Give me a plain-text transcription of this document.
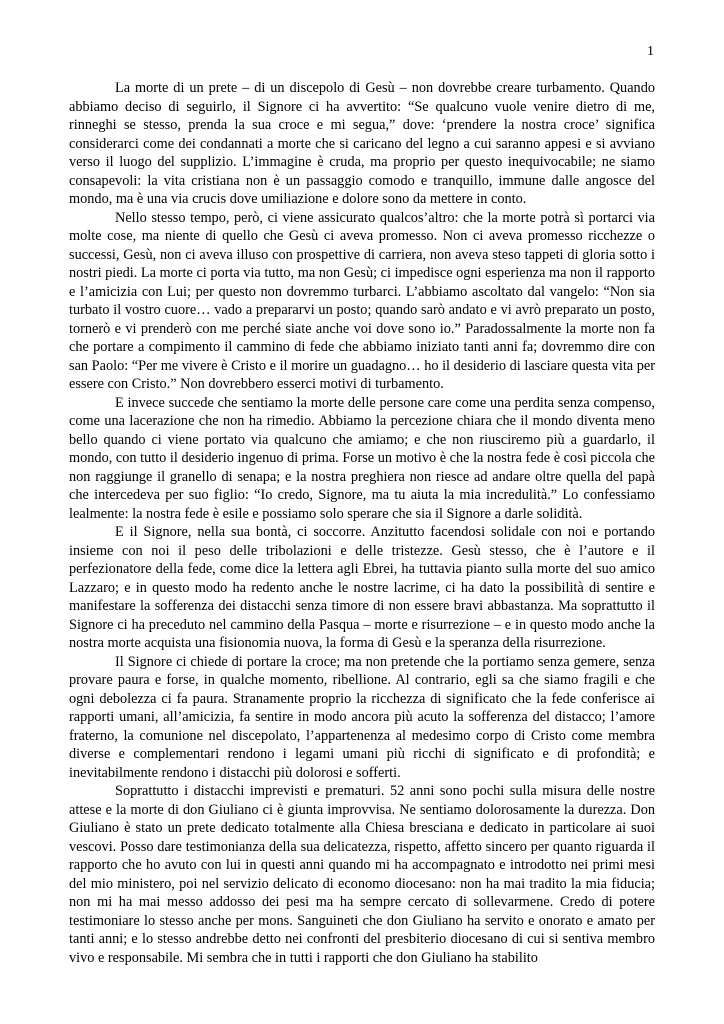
1

La morte di un prete – di un discepolo di Gesù – non dovrebbe creare turbamento. Quando abbiamo deciso di seguirlo, il Signore ci ha avvertito: “Se qualcuno vuole venire dietro di me, rinneghi se stesso, prenda la sua croce e mi segua,” dove: ‘prendere la nostra croce’ significa considerarci come dei condannati a morte che si caricano del legno a cui saranno appesi e si avviano verso il luogo del supplizio. L’immagine è cruda, ma proprio per questo inequivocabile; ne siamo consapevoli: la vita cristiana non è un passaggio comodo e tranquillo, immune dalle angosce del mondo, ma è una via crucis dove umiliazione e dolore sono da mettere in conto.

Nello stesso tempo, però, ci viene assicurato qualcos’altro: che la morte potrà sì portarci via molte cose, ma niente di quello che Gesù ci aveva promesso. Non ci aveva promesso ricchezze o successi, Gesù, non ci aveva illuso con prospettive di carriera, non aveva steso tappeti di gloria sotto i nostri piedi. La morte ci porta via tutto, ma non Gesù; ci impedisce ogni esperienza ma non il rapporto e l’amicizia con Lui; per questo non dovremmo turbarci. L’abbiamo ascoltato dal vangelo: “Non sia turbato il vostro cuore… vado a prepararvi un posto; quando sarò andato e vi avrò preparato un posto, tornerò e vi prenderò con me perché siate anche voi dove sono io.” Paradossalmente la morte non fa che portare a compimento il cammino di fede che abbiamo iniziato tanti anni fa; dovremmo dire con san Paolo: “Per me vivere è Cristo e il morire un guadagno… ho il desiderio di lasciare questa vita per essere con Cristo.” Non dovrebbero esserci motivi di turbamento.

E invece succede che sentiamo la morte delle persone care come una perdita senza compenso, come una lacerazione che non ha rimedio. Abbiamo la percezione chiara che il mondo diventa meno bello quando ci viene portato via qualcuno che amiamo; e che non riusciremo più a guardarlo, il mondo, con tutto il desiderio ingenuo di prima. Forse un motivo è che la nostra fede è così piccola che non raggiunge il granello di senapa; e la nostra preghiera non riesce ad andare oltre quella del papà che intercedeva per suo figlio: “Io credo, Signore, ma tu aiuta la mia incredulità.” Lo confessiamo lealmente: la nostra fede è esile e possiamo solo sperare che sia il Signore a darle solidità.

E il Signore, nella sua bontà, ci soccorre. Anzitutto facendosi solidale con noi e portando insieme con noi il peso delle tribolazioni e delle tristezze. Gesù stesso, che è l’autore e il perfezionatore della fede, come dice la lettera agli Ebrei, ha tuttavia pianto sulla morte del suo amico Lazzaro; e in questo modo ha redento anche le nostre lacrime, ci ha dato la possibilità di sentire e manifestare la sofferenza dei distacchi senza timore di non essere bravi abbastanza. Ma soprattutto il Signore ci ha preceduto nel cammino della Pasqua – morte e risurrezione – e in questo modo anche la nostra morte acquista una fisionomia nuova, la forma di Gesù e la speranza della risurrezione.

Il Signore ci chiede di portare la croce; ma non pretende che la portiamo senza gemere, senza provare paura e forse, in qualche momento, ribellione. Al contrario, egli sa che siamo fragili e che ogni debolezza ci fa paura. Stranamente proprio la ricchezza di significato che la fede conferisce ai rapporti umani, all’amicizia, fa sentire in modo ancora più acuto la sofferenza del distacco; l’amore fraterno, la comunione nel discepolato, l’appartenenza al medesimo corpo di Cristo come membra diverse e complementari rendono i legami umani più ricchi di significato e di profondità; e inevitabilmente rendono i distacchi più dolorosi e sofferti.

Soprattutto i distacchi imprevisti e prematuri. 52 anni sono pochi sulla misura delle nostre attese e la morte di don Giuliano ci è giunta improvvisa. Ne sentiamo dolorosamente la durezza. Don Giuliano è stato un prete dedicato totalmente alla Chiesa bresciana e dedicato in particolare ai suoi vescovi. Posso dare testimonianza della sua delicatezza, rispetto, affetto sincero per quanto riguarda il rapporto che ho avuto con lui in questi anni quando mi ha accompagnato e introdotto nei primi mesi del mio ministero, poi nel servizio delicato di economo diocesano: non ha mai tradito la mia fiducia; non mi ha mai messo addosso dei pesi ma ha sempre cercato di sollevarmene. Credo di potere testimoniare lo stesso anche per mons. Sanguineti che don Giuliano ha servito e onorato e amato per tanti anni; e lo stesso andrebbe detto nei confronti del presbiterio diocesano di cui si sentiva membro vivo e responsabile. Mi sembra che in tutti i rapporti che don Giuliano ha stabilito
